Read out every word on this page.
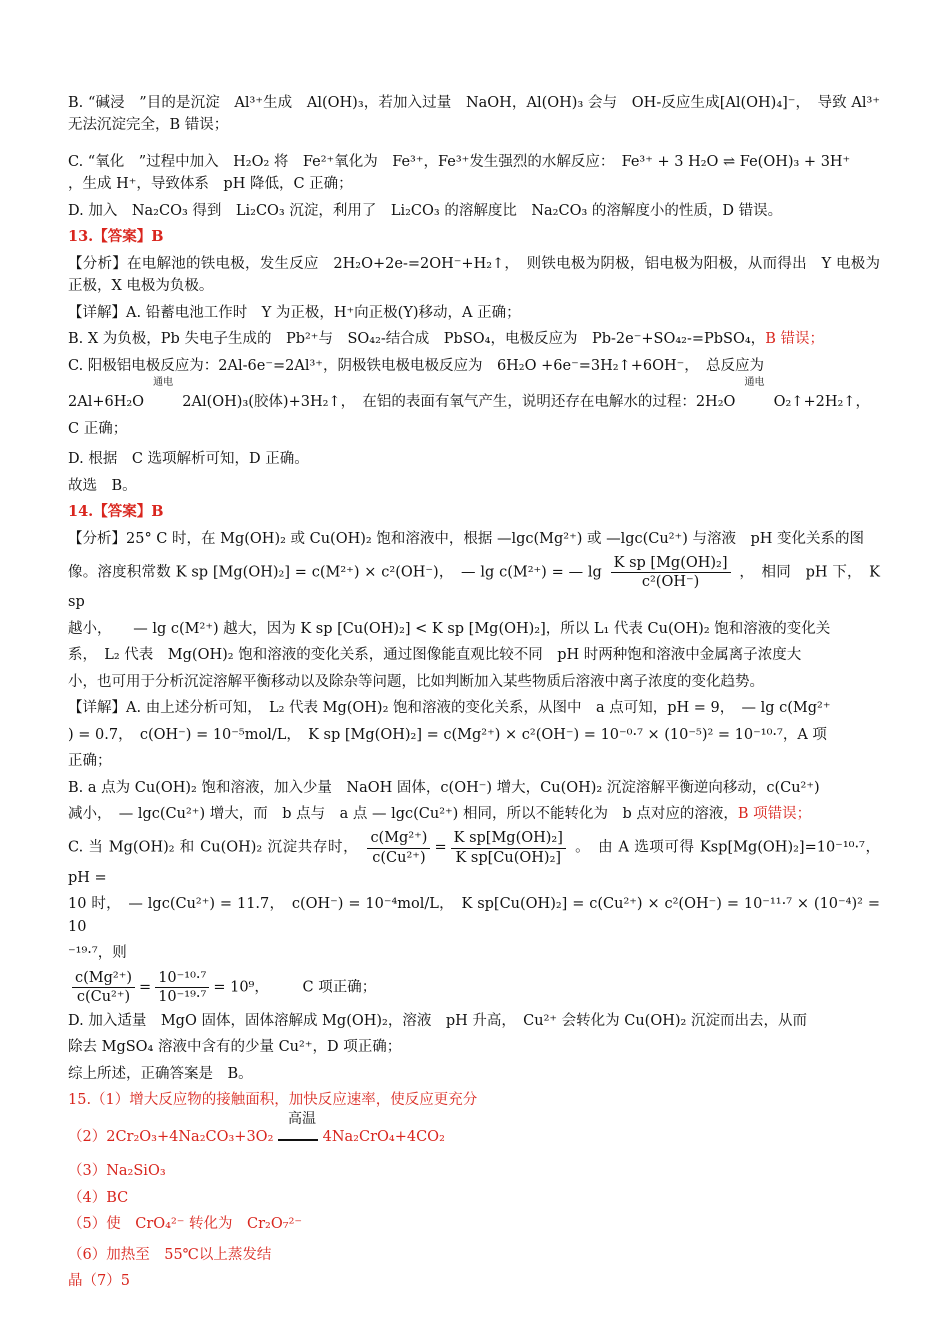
B. “碱浸　”目的是沉淀　Al³⁺生成　Al(OH)₃，若加入过量　NaOH，Al(OH)₃ 会与　OH-反应生成[Al(OH)₄]⁻，　导致 Al³⁺无法沉淀完全，B 错误；

C. “氧化　”过程中加入　H₂O₂ 将　Fe²⁺氧化为　Fe³⁺，Fe³⁺发生强烈的水解反应：　Fe³⁺ + 3 H₂O ⇌ Fe(OH)₃ + 3H⁺
，生成 H⁺，导致体系　pH 降低，C 正确；

D. 加入　Na₂CO₃ 得到　Li₂CO₃ 沉淀，利用了　Li₂CO₃ 的溶解度比　Na₂CO₃ 的溶解度小的性质，D 错误。

13.【答案】B

【分析】在电解池的铁电极，发生反应　2H₂O+2e-=2OH⁻+H₂↑，　则铁电极为阴极，铝电极为阳极，从而得出　Y 电极为正极，X 电极为负极。

【详解】A. 铅蓄电池工作时　Y 为正极，H⁺向正极(Y)移动，A 正确；

B. X 为负极，Pb 失电子生成的　Pb²⁺与　SO₄₂-结合成　PbSO₄，电极反应为　Pb-2e⁻+SO₄₂-=PbSO₄，B 错误；

C. 阳极铝电极反应为：2Al-6e⁻=2Al³⁺，阴极铁电极电极反应为　6H₂O +6e⁻=3H₂↑+6OH⁻，　总反应为

2Al+6H₂O
通电
   2Al(OH)₃(胶体)+3H₂↑，　在铝的表面有氧气产生，说明还存在电解水的过程：2H₂O
通电
   O₂↑+2H₂↑，

C 正确；

D. 根据　C 选项解析可知，D 正确。

故选　B。

14.【答案】B

【分析】25° C 时，在 Mg(OH)₂ 或 Cu(OH)₂ 饱和溶液中，根据 —lgc(Mg²⁺) 或 —lgc(Cu²⁺) 与溶液　pH 变化关系的图

像。溶度积常数 K sp [Mg(OH)₂] = c(M²⁺) × c²(OH⁻)，　— lg c(M²⁺) = — $\lg \frac{\text{K sp [Mg(OH)₂]}}{\text{c²(OH⁻)}}$ ，　相同　pH 下，　K sp

越小，　　— lg c(M²⁺) 越大，因为 K sp [Cu(OH)₂] < K sp [Mg(OH)₂]，所以 L₁ 代表 Cu(OH)₂ 饱和溶液的变化关

系，　L₂ 代表　Mg(OH)₂ 饱和溶液的变化关系，通过图像能直观比较不同　pH 时两种饱和溶液中金属离子浓度大

小，也可用于分析沉淀溶解平衡移动以及除杂等问题，比如判断加入某些物质后溶液中离子浓度的变化趋势。

【详解】A. 由上述分析可知，　L₂ 代表 Mg(OH)₂ 饱和溶液的变化关系，从图中　a 点可知，pH = 9，　— lg c(Mg²⁺

) = 0.7，　c(OH⁻) = 10⁻⁵mol/L，　K sp [Mg(OH)₂] = c(Mg²⁺) × c²(OH⁻) = 10⁻⁰·⁷ × (10⁻⁵)² = 10⁻¹⁰·⁷，A 项

正确；

B. a 点为 Cu(OH)₂ 饱和溶液，加入少量　NaOH 固体，c(OH⁻) 增大，Cu(OH)₂ 沉淀溶解平衡逆向移动，c(Cu²⁺)

减小，　— lgc(Cu²⁺) 增大，而　b 点与　a 点 — lgc(Cu²⁺) 相同，所以不能转化为　b 点对应的溶液，B 项错误；

C. 当 Mg(OH)₂ 和 Cu(OH)₂ 沉淀共存时， $\frac{\text{c(Mg²⁺)}}{\text{c(Cu²⁺)}} = \frac{\text{K sp[Mg(OH)₂]}}{\text{K sp[Cu(OH)₂]}}$ 。　由 A 选项可得 Ksp[Mg(OH)₂]=10⁻¹⁰·⁷，pH =

10 时，　— lgc(Cu²⁺) = 11.7，　c(OH⁻) = 10⁻⁴mol/L，　K sp[Cu(OH)₂] = c(Cu²⁺) × c²(OH⁻) = 10⁻¹¹·⁷ × (10⁻⁴)² = 10

⁻¹⁹·⁷，则

$\frac{\text{c(Mg²⁺)}}{\text{c(Cu²⁺)}} = \frac{\text{10⁻¹⁰·⁷}}{\text{10⁻¹⁹·⁷}} = 10^9$，    C 项正确；

D. 加入适量　MgO 固体，固体溶解成 Mg(OH)₂，溶液　pH 升高，　Cu²⁺ 会转化为 Cu(OH)₂ 沉淀而出去，从而

除去 MgSO₄ 溶液中含有的少量 Cu²⁺，D 项正确；

综上所述，正确答案是　B。

15.（1）增大反应物的接触面积，加快反应速率，使反应更充分

（2）2Cr₂O₃+4Na₂CO₃+3O₂
高温
4Na₂CrO₄+4CO₂

（3）Na₂SiO₃

（4）BC

（5）使　CrO₄²⁻ 转化为　Cr₂O₇²⁻

（6）加热至　55℃以上蒸发结

晶（7）5
